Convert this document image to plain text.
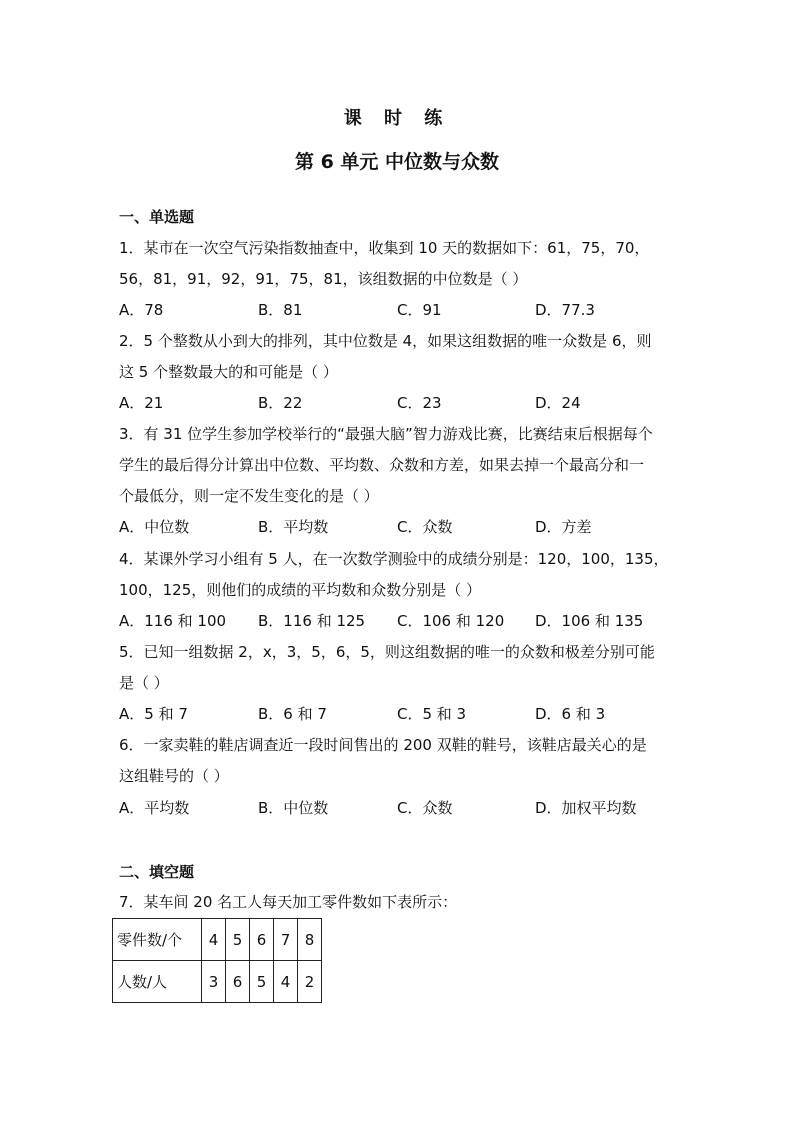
课 时 练
第 6 单元 中位数与众数
一、单选题
1．某市在一次空气污染指数抽查中，收集到 10 天的数据如下：61，75，70，
56，81，91，92，91，75，81，该组数据的中位数是（ ）
A．78	B．81	C．91	D．77.3
2．5 个整数从小到大的排列，其中位数是 4，如果这组数据的唯一众数是 6，则
这 5 个整数最大的和可能是（ ）
A．21	B．22	C．23	D．24
3．有 31 位学生参加学校举行的“最强大脑”智力游戏比赛，比赛结束后根据每个
学生的最后得分计算出中位数、平均数、众数和方差，如果去掉一个最高分和一
个最低分，则一定不发生变化的是（ ）
A．中位数	B．平均数	C．众数	D．方差
4．某课外学习小组有 5 人，在一次数学测验中的成绩分别是：120，100，135，
100，125，则他们的成绩的平均数和众数分别是（ ）
A．116 和 100 B．116 和 125 C．106 和 120 D．106 和 135
5．已知一组数据 2，x，3，5，6，5，则这组数据的唯一的众数和极差分别可能
是（ ）
A．5 和 7	B．6 和 7	C．5 和 3	D．6 和 3
6．一家卖鞋的鞋店调查近一段时间售出的 200 双鞋的鞋号，该鞋店最关心的是
这组鞋号的（ ）
A．平均数	B．中位数	C．众数	D．加权平均数
二、填空题
7．某车间 20 名工人每天加工零件数如下表所示：
零件数/个	4	5	6	7	8
人数/人	3	6	5	4	2
